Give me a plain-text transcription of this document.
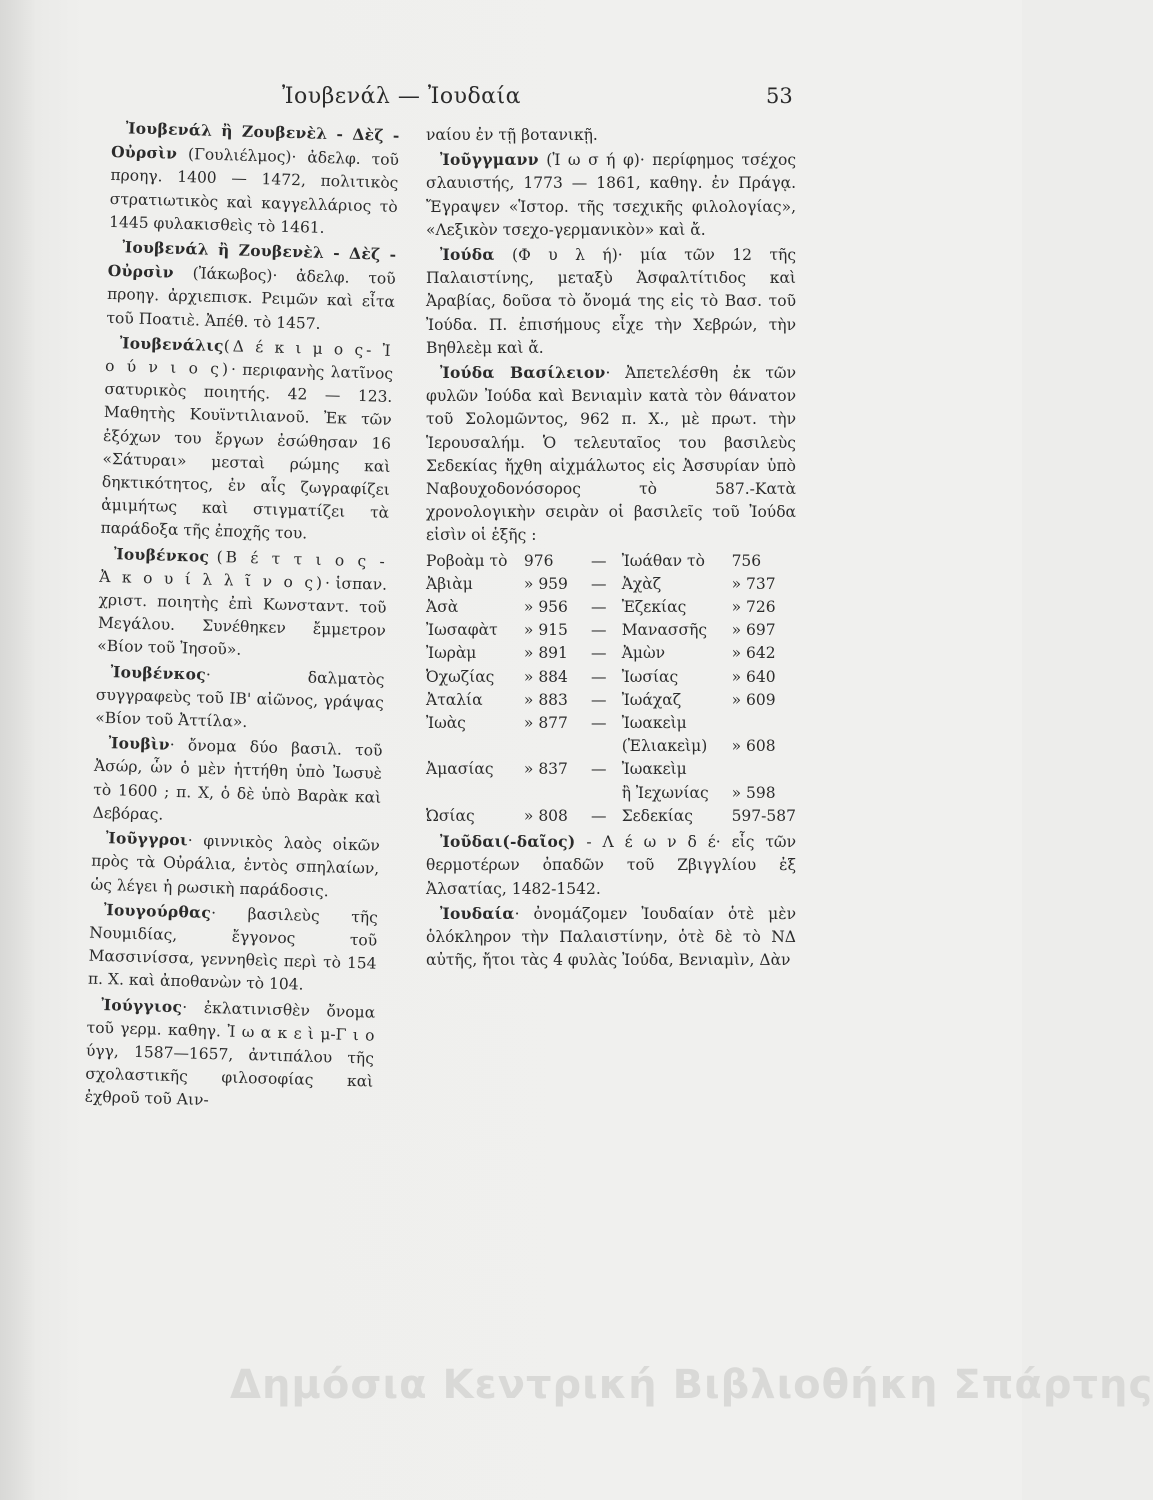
Ἰουβενάλ — Ἰουδαία	53

Ἰουβενάλ ἢ Ζουβενὲλ - Δὲζ - Οὐρσὶν (Γουλιέλμος)· ἀδελφ. τοῦ προηγ. 1400 — 1472, πολιτικὸς στρατιωτικὸς καὶ καγγελλάριος τὸ 1445 φυλακισθεὶς τὸ 1461.

Ἰουβενάλ ἢ Ζουβενὲλ - Δὲζ - Οὐρσὶν (Ἰάκωβος)· ἀδελφ. τοῦ προηγ. ἀρχιεπισκ. Ρειμῶν καὶ εἶτα τοῦ Ποατιὲ. Ἀπέθ. τὸ 1457.

Ἰουβενάλις(Δ έ κ ι μ ο ς- Ἰ ο ύ ν ι ο ς)· περιφανὴς λατῖνος σατυρικὸς ποιητής. 42 — 123. Μαθητὴς Κουϊντιλιανοῦ. Ἐκ τῶν ἐξόχων του ἔργων ἐσώθησαν 16 «Σάτυραι» μεσταὶ ρώμης καὶ δηκτικότητος, ἐν αἷς ζωγραφίζει ἀμιμήτως καὶ στιγματίζει τὰ παράδοξα τῆς ἐποχῆς του.

Ἰουβένκος (Β έ τ τ ι ο ς - Ἀ κ ο υ ί λ λ ῖ ν ο ς)· ἱσπαν. χριστ. ποιητὴς ἐπὶ Κωνσταντ. τοῦ Μεγάλου. Συνέθηκεν ἔμμετρον «Βίον τοῦ Ἰησοῦ».

Ἰουβένκος· δαλματὸς συγγραφεὺς τοῦ ΙΒ' αἰῶνος, γράψας «Βίον τοῦ Ἀττίλα».

Ἰουβὶν· ὄνομα δύο βασιλ. τοῦ Ἀσώρ, ὧν ὁ μὲν ἡττήθη ὑπὸ Ἰωσυὲ τὸ 1600 ; π. Χ, ὁ δὲ ὑπὸ Βαρὰκ καὶ Δεβόρας.

Ἰοῦγγροι· φιννικὸς λαὸς οἰκῶν πρὸς τὰ Οὐράλια, ἐντὸς σπηλαίων, ὡς λέγει ἡ ρωσικὴ παράδοσις.

Ἰουγούρθας· βασιλεὺς τῆς Νουμιδίας, ἔγγονος τοῦ Μασσινίσσα, γεννηθεὶς περὶ τὸ 154 π. Χ. καὶ ἀποθανὼν τὸ 104.

Ἰούγγιος· ἐκλατινισθὲν ὄνομα τοῦ γερμ. καθηγ. Ἰ ω α κ ε ὶ μ-Γ ι ο ύγγ, 1587—1657, ἀντιπάλου τῆς σχολαστικῆς φιλοσοφίας καὶ ἐχθροῦ τοῦ Αιν-

ναίου ἐν τῇ βοτανικῇ.

Ἰοῦγγμανν (Ἰ ω σ ή φ)· περίφημος τσέχος σλαυιστής, 1773 — 1861, καθηγ. ἐν Πράγᾳ. Ἔγραψεν «Ἱστορ. τῆς τσεχικῆς φιλολογίας», «Λεξικὸν τσεχο-γερμανικὸν» καὶ ἄ.

Ἰούδα (Φ υ λ ή)· μία τῶν 12 τῆς Παλαιστίνης, μεταξὺ Ἀσφαλτίτιδος καὶ Ἀραβίας, δοῦσα τὸ ὄνομά της εἰς τὸ Βασ. τοῦ Ἰούδα. Π. ἐπισήμους εἶχε τὴν Χεβρών, τὴν Βηθλεὲμ καὶ ἄ.

Ἰούδα Βασίλειον· Ἀπετελέσθη ἐκ τῶν φυλῶν Ἰούδα καὶ Βενιαμὶν κατὰ τὸν θάνατον τοῦ Σολομῶντος, 962 π. Χ., μὲ πρωτ. τὴν Ἱερουσαλήμ. Ὁ τελευταῖος του βασιλεὺς Σεδεκίας ἤχθη αἰχμάλωτος εἰς Ἀσσυρίαν ὑπὸ Ναβουχοδονόσορος τὸ 587.-Κατὰ χρονολογικὴν σειρὰν οἱ βασιλεῖς τοῦ Ἰούδα εἰσὶν οἱ ἑξῆς :

Ροβοὰμ τὸ	976	—	Ἰωάθαν τὸ	756
Ἀβιὰμ	» 959	—	Ἀχὰζ	» 737
Ἀσὰ	» 956	—	Ἐζεκίας	» 726
Ἰωσαφὰτ	» 915	—	Μανασσῆς	» 697
Ἰωρὰμ	» 891	—	Ἀμὼν	» 642
Ὀχωζίας	» 884	—	Ἰωσίας	» 640
Ἀταλία	» 883	—	Ἰωάχαζ	» 609
Ἰωὰς	» 877	—	Ἰωακεὶμ	
			(Ἐλιακεὶμ)	» 608
Ἀμασίας	» 837	—	Ἰωακεὶμ	
			ἢ Ἰεχωνίας	» 598
Ὠσίας	» 808	—	Σεδεκίας	597-587

Ἰοῦδαι(-δαῖος) - Λ έ ω ν δ έ· εἷς τῶν θερμοτέρων ὀπαδῶν τοῦ Ζβιγγλίου ἐξ Ἀλσατίας, 1482-1542.

Ἰουδαία· ὀνομάζομεν Ἰουδαίαν ὁτὲ μὲν ὁλόκληρον τὴν Παλαιστίνην, ὁτὲ δὲ τὸ ΝΔ αὐτῆς, ἤτοι τὰς 4 φυλὰς Ἰούδα, Βενιαμὶν, Δὰν

Δημόσια Κεντρική Βιβλιοθήκη Σπάρτης
